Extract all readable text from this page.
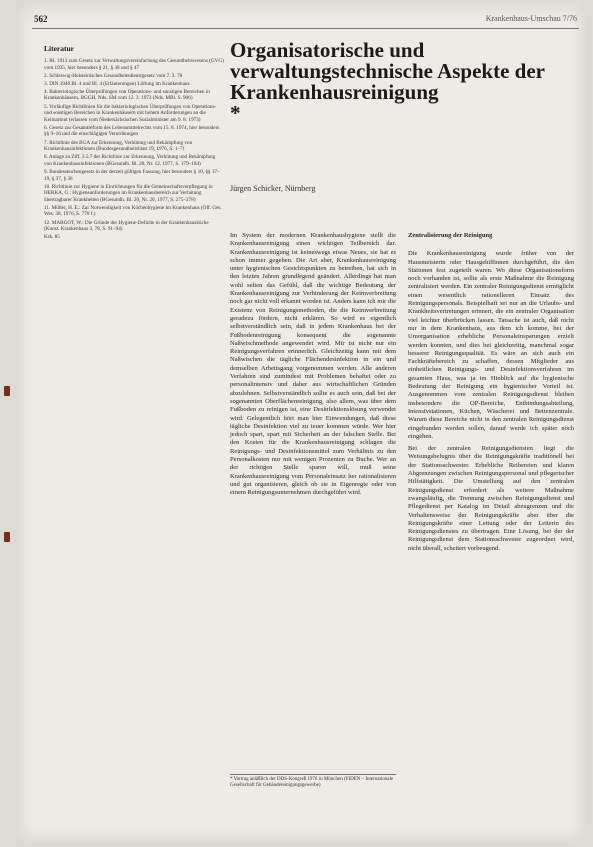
562	Krankenhaus-Umschau 7/76
Literatur

1. BI. 1913 zum Gesetz zur Verwaltungsvereinfachung des Gesundheitswesens (GVG) vom 1935, hier besonders § 21, § 38 und § 47

2. Schleswig-Holsteinisches Gesundheitsdienstgesetz vom 7. 3. 78

3. DIN 1946 Bl. 4 und Bl. 4 (Erläuterungen) Lüftung im Krankenhaus

4. Bakteriologische Überprüfungen von Operations- und sonstigen Bereichen in Krankenhäusern, BGGH, Nds. SM vom 12. 3. 1973 (Nds. MBl. S. 906)

5. Vorläufige Richtlinien für die bakteriologischen Überprüfungen von Operations- und sonstigen Bereichen in Krankenhäusern mit hohem Anforderungen an die Keimarmut (erlassen vom Niedersächsischen Sozialminister am 9. 8. 1973)

6. Gesetz zur Gesamtreform des Lebensmittelrechts vom 15. 8. 1974, hier besonders §§ 9–16 und die einschlägigen Verordnungen

7. Richtlinie des BGA zur Erkennung, Verhütung und Bekämpfung von Krankenhausinfektionen (Bundesgesundheitsblatt 19, 1976, S. 1–7)

8. Anlage zu Ziff. 3.5.7 der Richtlinie zur Erkennung, Verhütung und Bekämpfung von Krankenhausinfektionen (BGesundh. Bl. 20, Nr. 12, 1977, S. 179–184)

9. Bundesseuchengesetz in der derzeit gültigen Fassung, hier besonders § 10, §§ 17–19, § 37, § 38

10. Richtlinie zur Hygiene in Einrichtungen für die Gemeinschaftsverpflegung in HERKA, G.: Hygieneanforderungen im Krankenhausbereich zur Verhütung übertragbarer Krankheiten (BGesundh. Bl. 20, Nr. 20, 1977, S. 275–278)

11. Müller, H. E.: Zur Notwendigkeit von Küchenhygiene im Krankenhaus (Öff. Ges. Wes. 38, 1976, S. 770 f.)

12. MARGOT, W.: Die Gründe der Hygiene-Defizite in der Krankenhausküche (Kunst. Krankenhaus 3, 78, S. 91–94)

Krk. 85

Organisatorische und verwaltungstechnische Aspekte der Krankenhausreinigung
*
Jürgen Schicker, Nürnberg

Im System der modernen Krankenhaushygiene stellt die Krankenhausreinigung einen wichtigen Teilbereich dar. Krankenhausreinigung ist keineswegs etwas Neues, sie hat es schon immer gegeben. Die Art aber, Krankenhausreinigung unter hygienischen Gesichtspunkten zu betreiben, hat sich in den letzten Jahren grundlegend geändert. Allerdings hat man wohl selten das Gefühl, daß die wichtige Bedeutung der Krankenhausreinigung zur Verhinderung der Keimverbreitung noch gar nicht voll erkannt worden ist. Anders kann ich mir die Existenz von Reinigungsmethoden, die die Keimverbreitung geradezu fördern, nicht erklären. So wird es eigentlich selbstverständlich sein, daß in jedem Krankenhaus bei der Fußbodenreinigung konsequent die sogenannte Naßwischmethode angewendet wird. Mir ist nicht nur ein Reinigungsverfahren erinnerlich. Gleichzeitig kann mit dem Naßwischen die tägliche Flächendesinfektion in ein und demselben Arbeitsgang vorgenommen werden. Alle anderen Verfahren sind zumindest mit Problemen behaftet oder zu personalintensiv und daher aus wirtschaftlichen Gründen abzulehnen. Selbstverständlich sollte es auch sein, daß bei der sogenannten Oberflächenreinigung, also allem, was über dem Fußboden zu reinigen ist, eine Desinfektionslösung verwendet wird. Gelegentlich hört man hier Einwendungen, daß diese tägliche Desinfektion viel zu teuer kommen würde. Wer hier jedoch spart, spart mit Sicherheit an der falschen Stelle. Bei den Kosten für die Krankenhausreinigung schlagen die Reinigungs- und Desinfektionsmittel zum Verhältnis zu den Personalkosten nur mit wenigen Prozenten zu Buche. Wer an der richtigen Stelle sparen will, muß seine Krankenhausreinigung vom Personaleinsatz her rationalisieren und gut organisieren, gleich ob sie in Eigenregie oder von einem Reinigungsunternehmen durchgeführt wird.

Zentralisierung der Reinigung

Die Krankenhausreinigung wurde früher von der Hausmeisterin oder Hausgehilfinnen durchgeführt, die den Stationen fest zugeteilt waren. Wo diese Organisationsform noch vorhanden ist, sollte als erste Maßnahme die Reinigung zentralisiert werden. Ein zentraler Reinigungsdienst ermöglicht einen wesentlich rationelleren Einsatz des Reinigungspersonals. Beispielhaft sei nur an die Urlaubs- und Krankheitsvertretungen erinnert, die ein zentraler Organisation viel leichter überbrücken lassen. Tatsache ist auch, daß nicht nur in dem Krankenhaus, aus dem ich komme, bei der Umorganisation erhebliche Personaleinsparungen erzielt werden konnten, und dies bei gleichzeitig, manchmal sogar besserer Reinigungsqualität. Es wäre an sich auch ein Fachkräftebereich zu schaffen, dessen Mitglieder aus einheitlichen Reinigungs- und Desinfektionsverfahren im gesamten Haus, was ja im Hinblick auf die hygienische Bedeutung der Reinigung ein hygienischer Vorteil ist. Ausgenommen vom zentralen Reinigungsdienst bleiben insbesondere die OP-Bereiche, Entbindungsabteilung, Intensivstationen, Küchen, Wäscherei und Bettenzentrale. Warum diese Bereiche nicht in den zentralen Reinigungsdienst eingebunden werden sollen, darauf werde ich später noch eingehen.

Bei der zentralen Reinigungsdiensten liegt die Weisungsbefugnis über die Reinigungskräfte traditionell bei der Stationsschwester. Erhebliche Reibereien und klaren Abgrenzungen zwischen Reinigungspersonal und pflegerischer Hilfstätigkeit. Die Umstellung auf den zentralen Reinigungsdienst erfordert als weitere Maßnahme zwangsläufig, die Trennung zwischen Reinigungsdienst und Pflegedienst per Katalog im Detail abzugrenzen und die Verhaltensweise der Reinigungskräfte aber über die Reinigungskräfte einer Leitung oder der Leiterin des Reinigungsdienstes zu übertragen. Eine Lösung, bei der der Reinigungsdienst dem Stationsschwester zugeordnet wird, nicht überall, scheitert vorbeugend.

* Vortrag anläßlich der DDS-Kongreß 1976 in München (FIDEN – Internationale Gesellschaft für Gebäudereinigungsgewerbe)
